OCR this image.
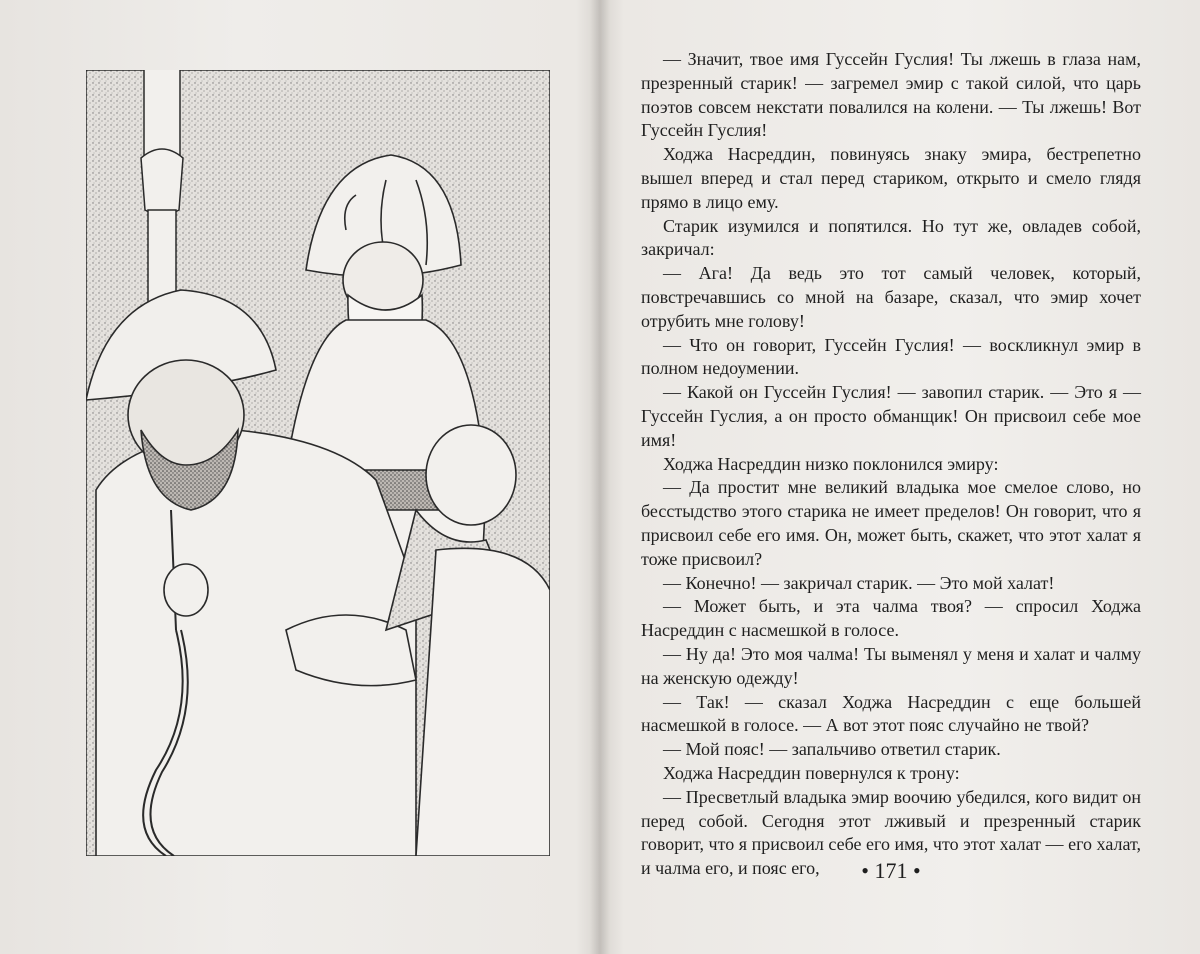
— Значит, твое имя Гуссейн Гуслия! Ты лжешь в глаза нам, презренный старик! — загремел эмир с такой силой, что царь поэтов совсем некстати повалился на колени. — Ты лжешь! Вот Гуссейн Гуслия!

Ходжа Насреддин, повинуясь знаку эмира, бестрепетно вышел вперед и стал перед стариком, открыто и смело глядя прямо в лицо ему.

Старик изумился и попятился. Но тут же, овладев собой, закричал:

— Ага! Да ведь это тот самый человек, который, повстречавшись со мной на базаре, сказал, что эмир хочет отрубить мне голову!

— Что он говорит, Гуссейн Гуслия! — воскликнул эмир в полном недоумении.

— Какой он Гуссейн Гуслия! — завопил старик. — Это я — Гуссейн Гуслия, а он просто обманщик! Он присвоил себе мое имя!

Ходжа Насреддин низко поклонился эмиру:

— Да простит мне великий владыка мое смелое слово, но бесстыдство этого старика не имеет пределов! Он говорит, что я присвоил себе его имя. Он, может быть, скажет, что этот халат я тоже присвоил?

— Конечно! — закричал старик. — Это мой халат!

— Может быть, и эта чалма твоя? — спросил Ходжа Насреддин с насмешкой в голосе.

— Ну да! Это моя чалма! Ты выменял у меня и халат и чалму на женскую одежду!

— Так! — сказал Ходжа Насреддин с еще большей насмешкой в голосе. — А вот этот пояс случайно не твой?

— Мой пояс! — запальчиво ответил старик.

Ходжа Насреддин повернулся к трону:

— Пресветлый владыка эмир воочию убедился, кого видит он перед собой. Сегодня этот лживый и презренный старик говорит, что я присвоил себе его имя, что этот халат — его халат, и чалма его, и пояс его,	• 171 •
